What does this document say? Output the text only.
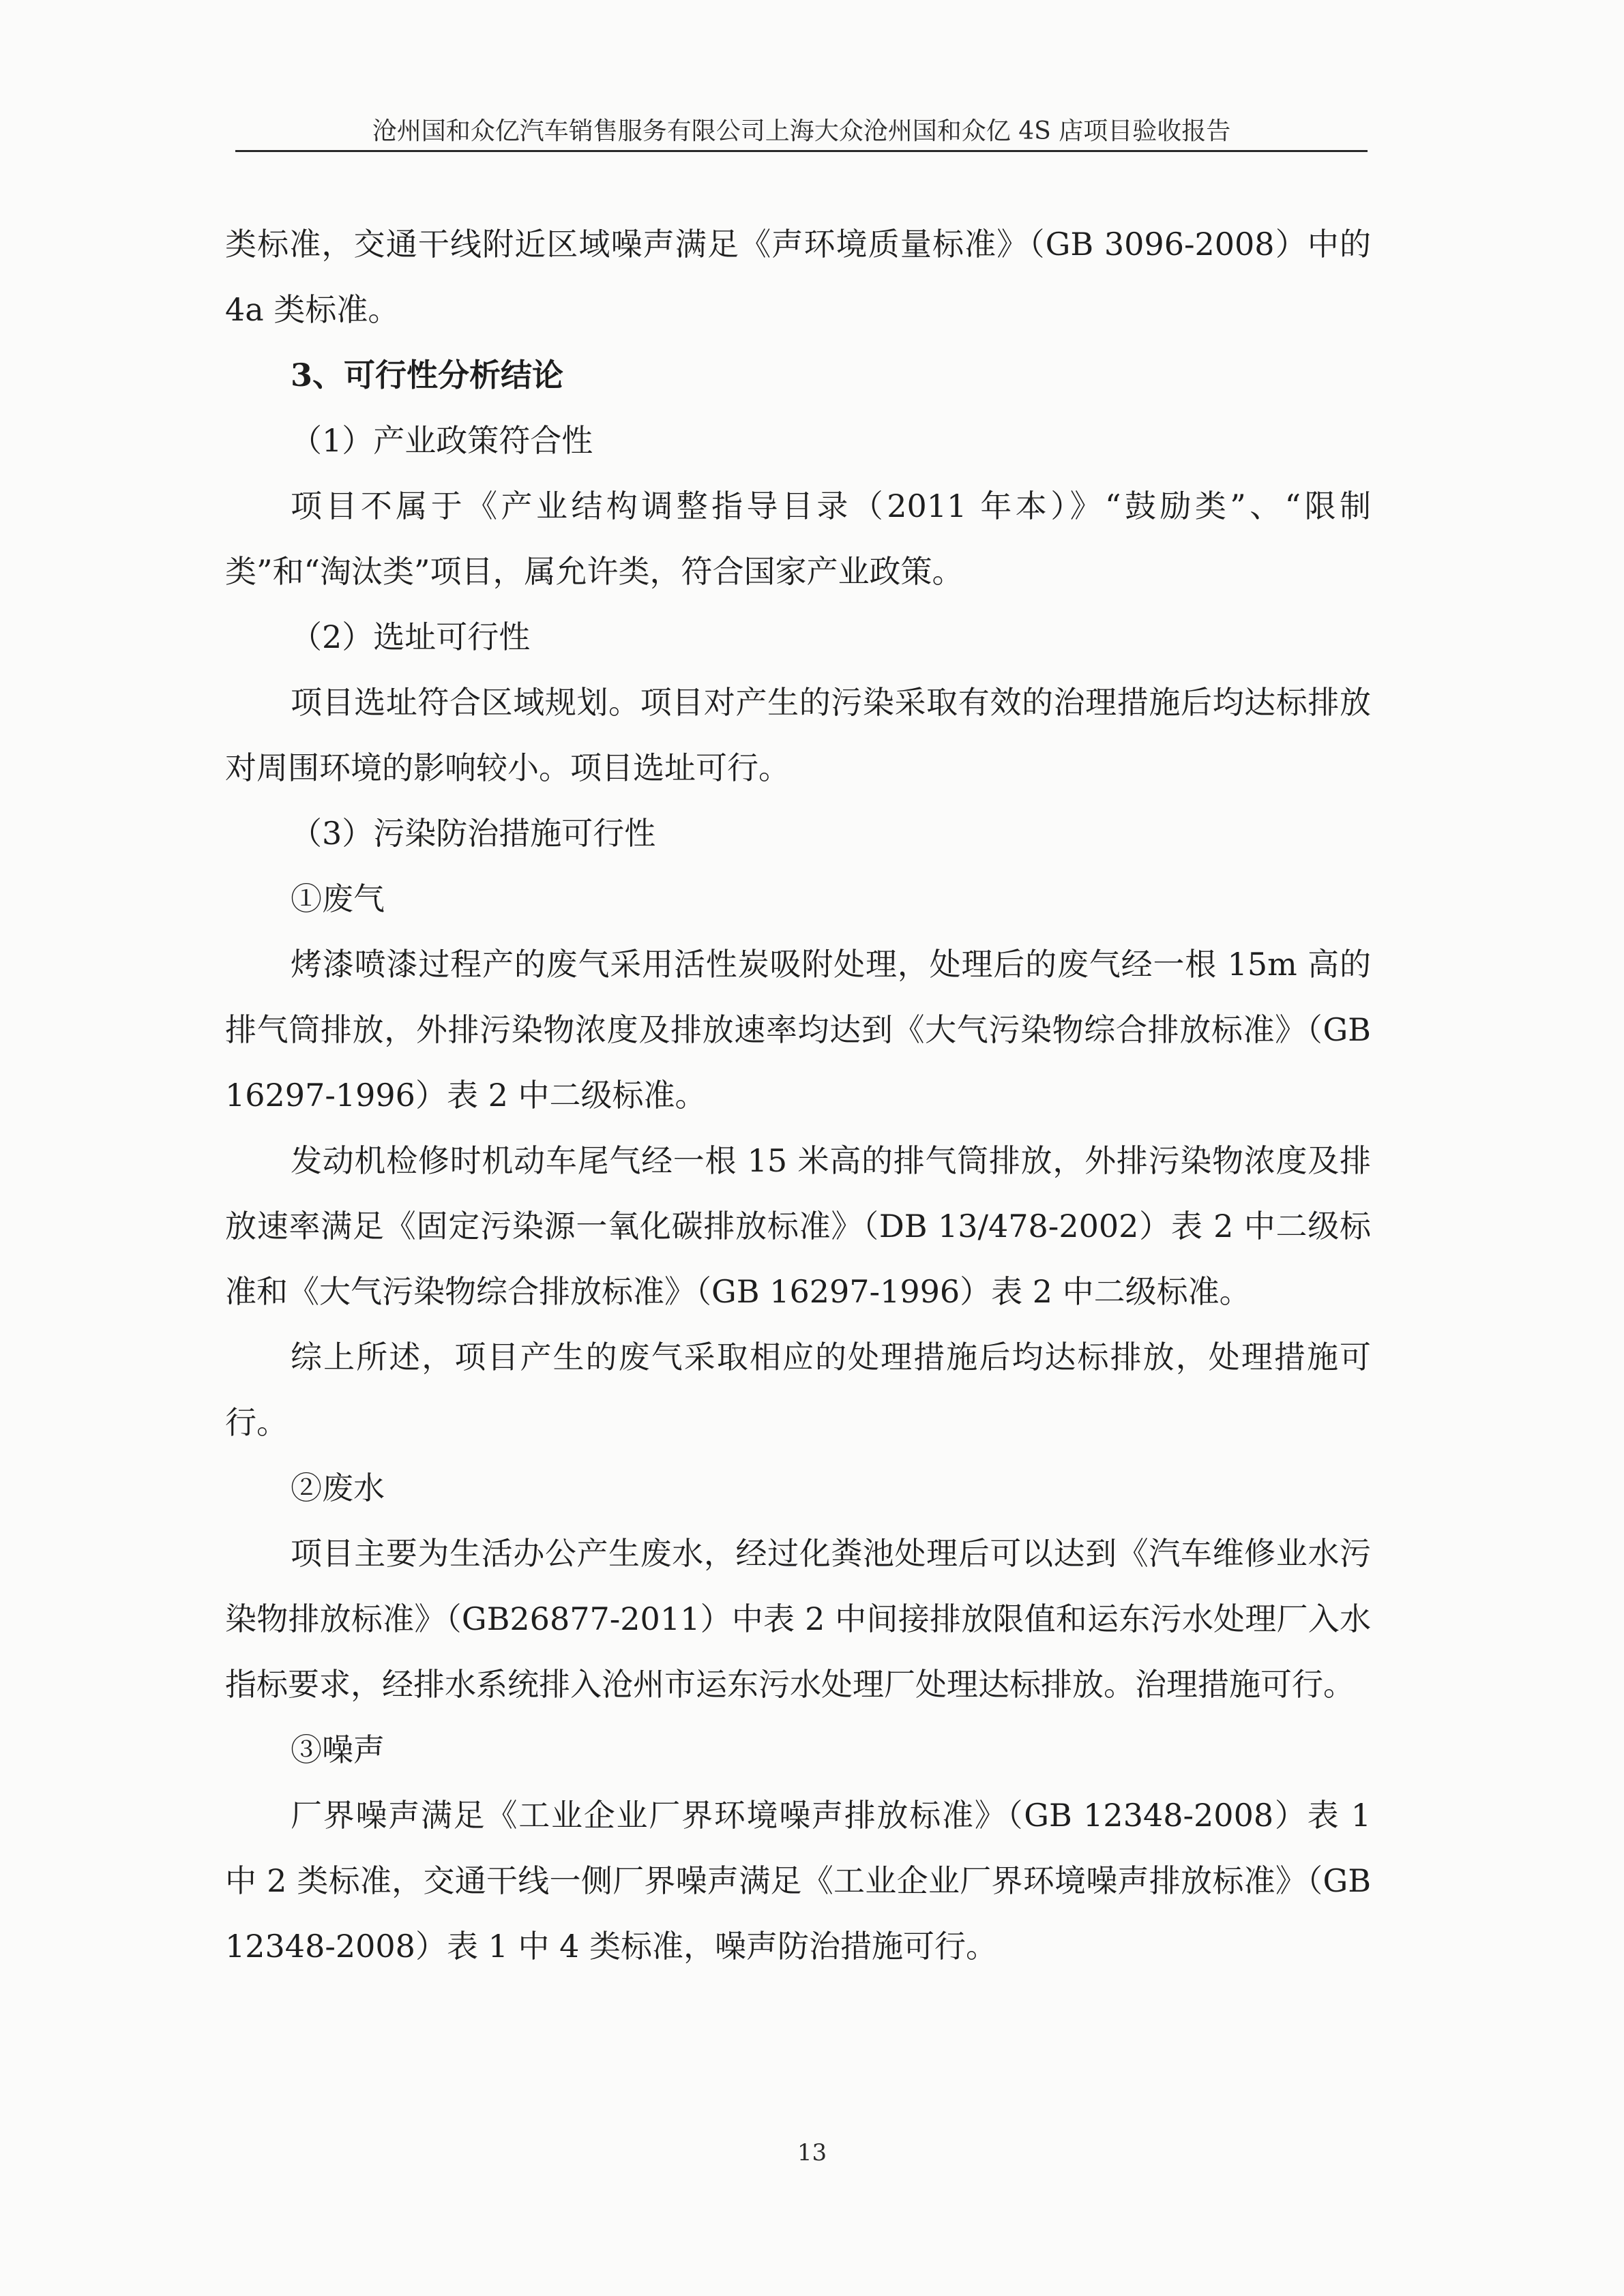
沧州国和众亿汽车销售服务有限公司上海大众沧州国和众亿 4S 店项目验收报告

类标准，交通干线附近区域噪声满足《声环境质量标准》（GB 3096-2008）中的4a 类标准。

3、可行性分析结论

（1）产业政策符合性

项目不属于《产业结构调整指导目录（2011 年本）》“鼓励类”、“限制类”和“淘汰类”项目，属允许类，符合国家产业政策。

（2）选址可行性

项目选址符合区域规划。项目对产生的污染采取有效的治理措施后均达标排放对周围环境的影响较小。项目选址可行。

（3）污染防治措施可行性

①废气

烤漆喷漆过程产的废气采用活性炭吸附处理，处理后的废气经一根 15m 高的排气筒排放，外排污染物浓度及排放速率均达到《大气污染物综合排放标准》（GB 16297-1996）表 2 中二级标准。

发动机检修时机动车尾气经一根 15 米高的排气筒排放，外排污染物浓度及排放速率满足《固定污染源一氧化碳排放标准》（DB 13/478-2002）表 2 中二级标准和《大气污染物综合排放标准》（GB 16297-1996）表 2 中二级标准。

综上所述，项目产生的废气采取相应的处理措施后均达标排放，处理措施可行。

②废水

项目主要为生活办公产生废水，经过化粪池处理后可以达到《汽车维修业水污染物排放标准》（GB26877-2011）中表 2 中间接排放限值和运东污水处理厂入水指标要求，经排水系统排入沧州市运东污水处理厂处理达标排放。治理措施可行。

③噪声

厂界噪声满足《工业企业厂界环境噪声排放标准》（GB 12348-2008）表 1 中 2 类标准，交通干线一侧厂界噪声满足《工业企业厂界环境噪声排放标准》（GB 12348-2008）表 1 中 4 类标准，噪声防治措施可行。

13
